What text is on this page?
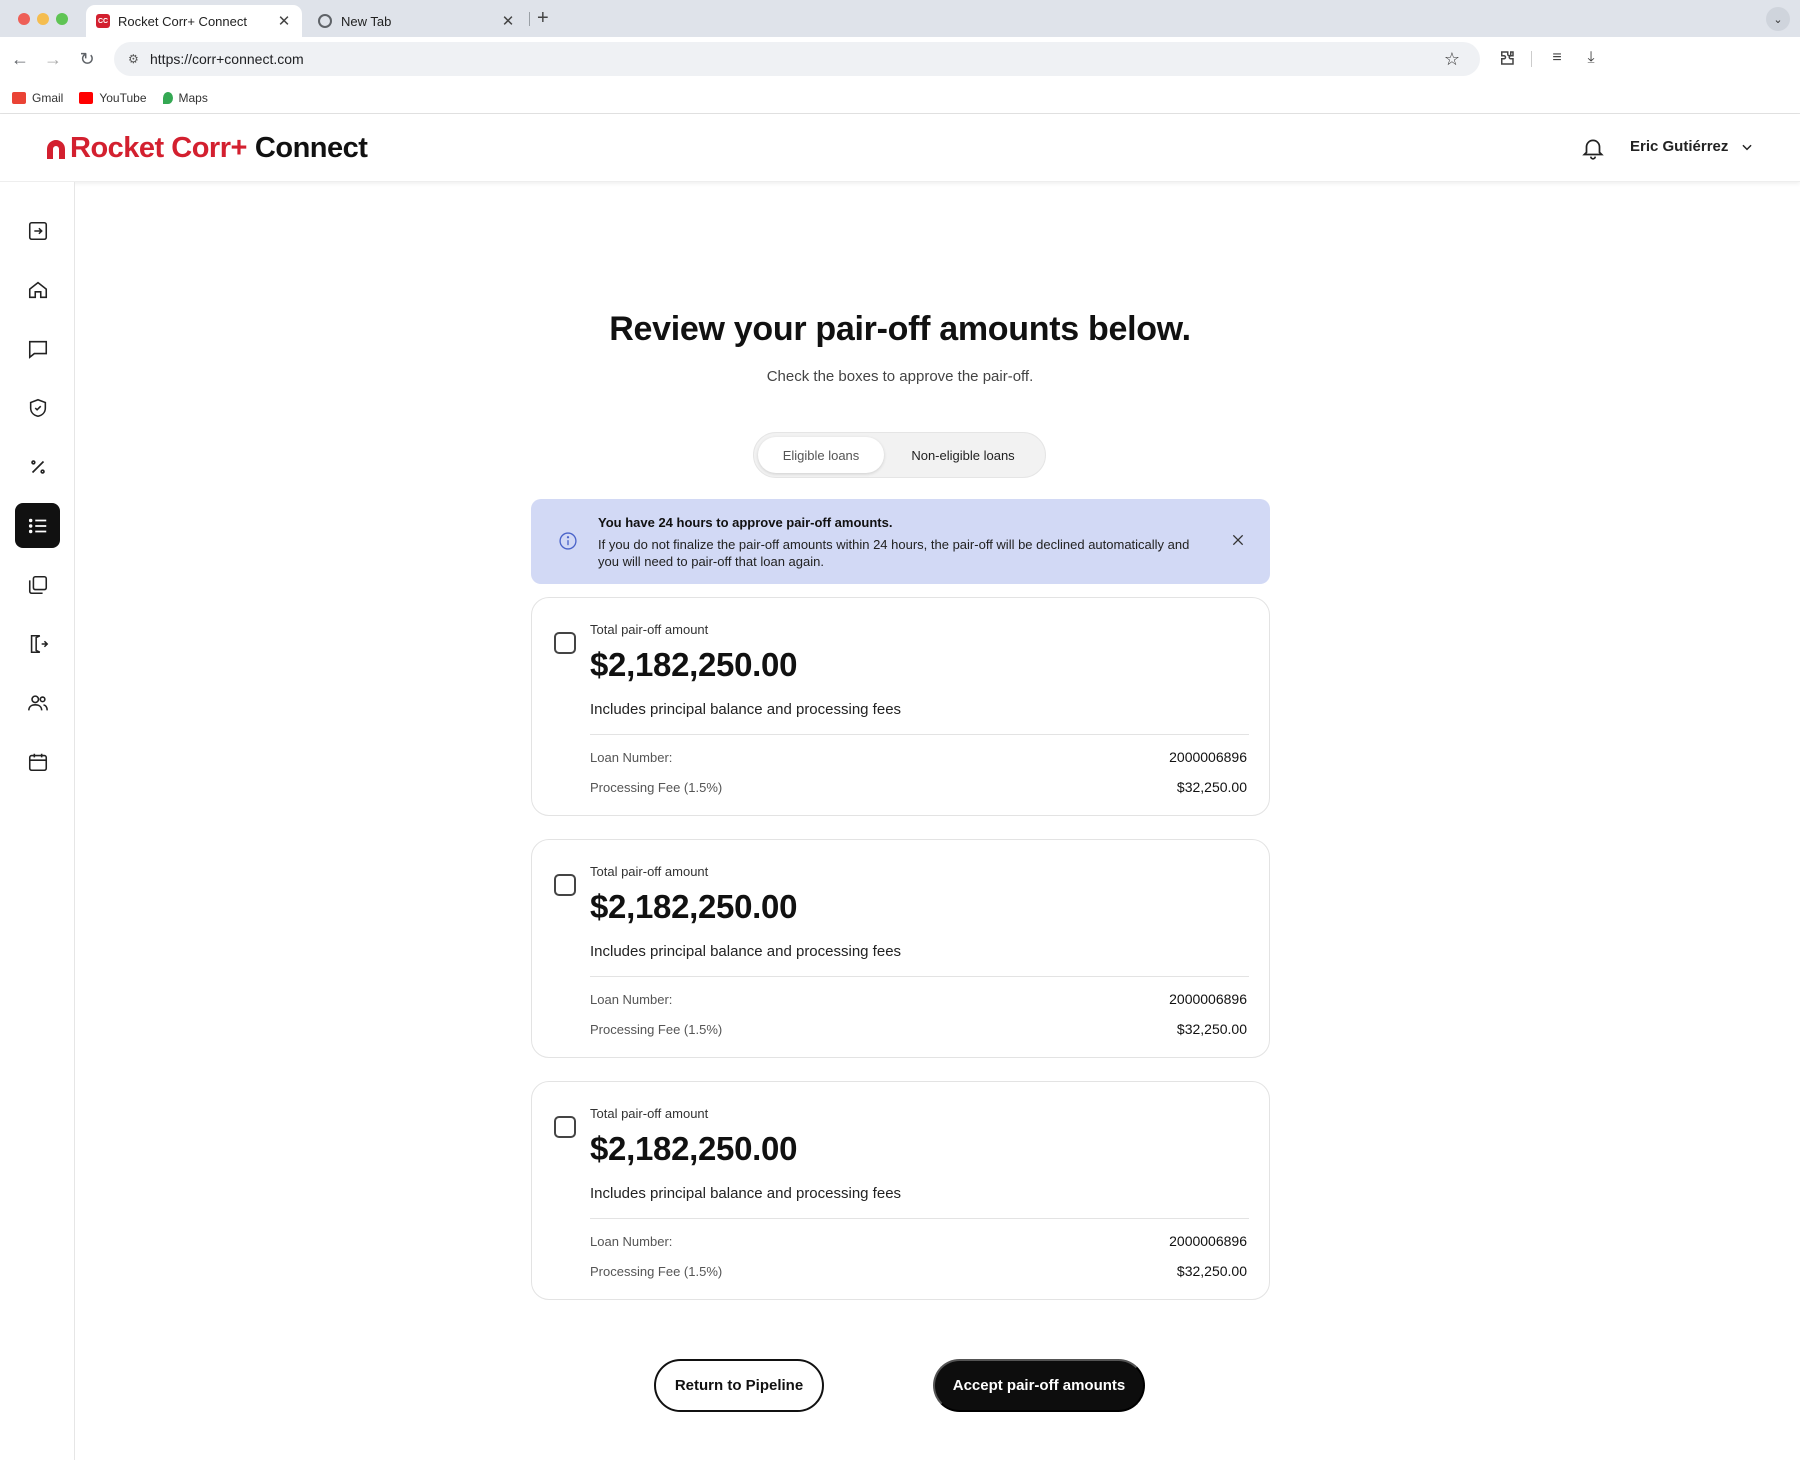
CC Rocket Corr+ Connect	✕	New Tab	✕ +	⌄
← → ↻	⚙ https://corr+connect.com	☆	≡	⤓
Gmail	YouTube	Maps
Rocket Corr+ Connect	Eric Gutiérrez
Review your pair-off amounts below.

Check the boxes to approve the pair-off.

Eligible loans	Non-eligible loans
You have 24 hours to approve pair-off amounts.
If you do not finalize the pair-off amounts within 24 hours, the pair-off will be declined automatically and you will need to pair-off that loan again.
Total pair-off amount
$2,182,250.00
Includes principal balance and processing fees
Loan Number:	2000006896
Processing Fee (1.5%)	$32,250.00
Total pair-off amount
$2,182,250.00
Includes principal balance and processing fees
Loan Number:	2000006896
Processing Fee (1.5%)	$32,250.00
Total pair-off amount
$2,182,250.00
Includes principal balance and processing fees
Loan Number:	2000006896
Processing Fee (1.5%)	$32,250.00
Return to Pipeline	Accept pair-off amounts
